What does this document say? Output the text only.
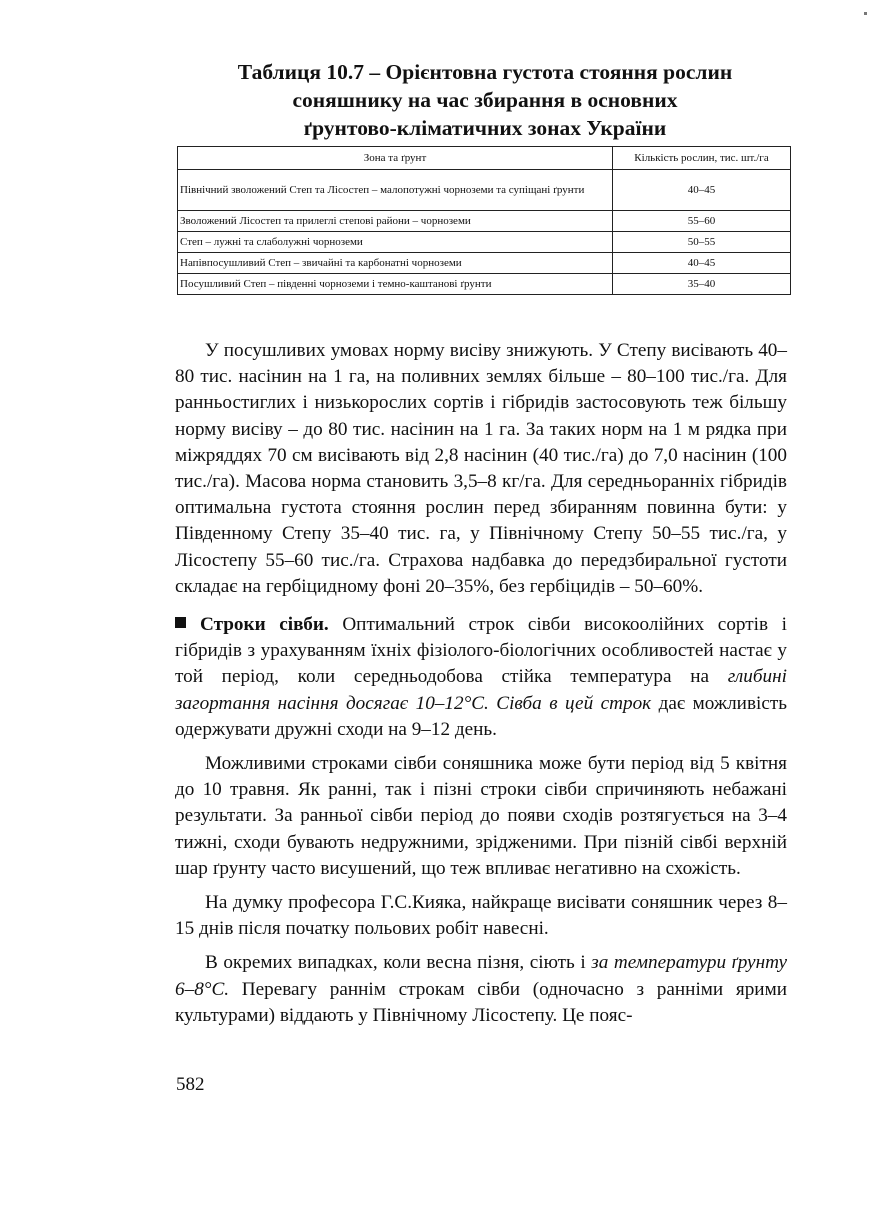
Таблиця 10.7 – Орієнтовна густота стояння рослин
соняшнику на час збирання в основних
ґрунтово-кліматичних зонах України
Зона та ґрунт	Кількість рослин, тис. шт./га
Північний зволожений Степ та Лісостеп – малопотужні чорноземи та супіщані ґрунти	40–45
Зволожений Лісостеп та прилеглі степові райони – чорноземи	55–60
Степ – лужні та слаболужні чорноземи	50–55
Напівпосушливий Степ – звичайні та карбонатні чорноземи	40–45
Посушливий Степ – південні чорноземи і темно-каштанові ґрунти	35–40

У посушливих умовах норму висіву знижують. У Степу висівають 40–80 тис. насінин на 1 га, на поливних землях більше – 80–100 тис./га. Для ранньостиглих і низькорослих сортів і гібридів застосовують теж більшу норму висіву – до 80 тис. насінин на 1 га. За таких норм на 1 м рядка при міжряддях 70 см висівають від 2,8 насінин (40 тис./га) до 7,0 насінин (100 тис./га). Масова норма становить 3,5–8 кг/га. Для середньоранніх гібридів оптимальна густота стояння рослин перед збиранням повинна бути: у Південному Степу 35–40 тис. га, у Північному Степу 50–55 тис./га, у Лісостепу 55–60 тис./га. Страхова надбавка до передзбиральної густоти складає на гербіцидному фоні 20–35%, без гербіцидів – 50–60%.

Строки сівби. Оптимальний строк сівби високоолійних сортів і гібридів з урахуванням їхніх фізіолого-біологічних особливостей настає у той період, коли середньодобова стійка температура на глибині загортання насіння досягає 10–12°С. Сівба в цей строк дає можливість одержувати дружні сходи на 9–12 день.

Можливими строками сівби соняшника може бути період від 5 квітня до 10 травня. Як ранні, так і пізні строки сівби спричиняють небажані результати. За ранньої сівби період до появи сходів розтягується на 3–4 тижні, сходи бувають недружними, зрідженими. При пізній сівбі верхній шар ґрунту часто висушений, що теж впливає негативно на схожість.

На думку професора Г.С.Кияка, найкраще висівати соняшник через 8–15 днів після початку польових робіт навесні.

В окремих випадках, коли весна пізня, сіють і за температури ґрунту 6–8°С. Перевагу раннім строкам сівби (одночасно з ранніми ярими культурами) віддають у Північному Лісостепу. Це пояс-

582
